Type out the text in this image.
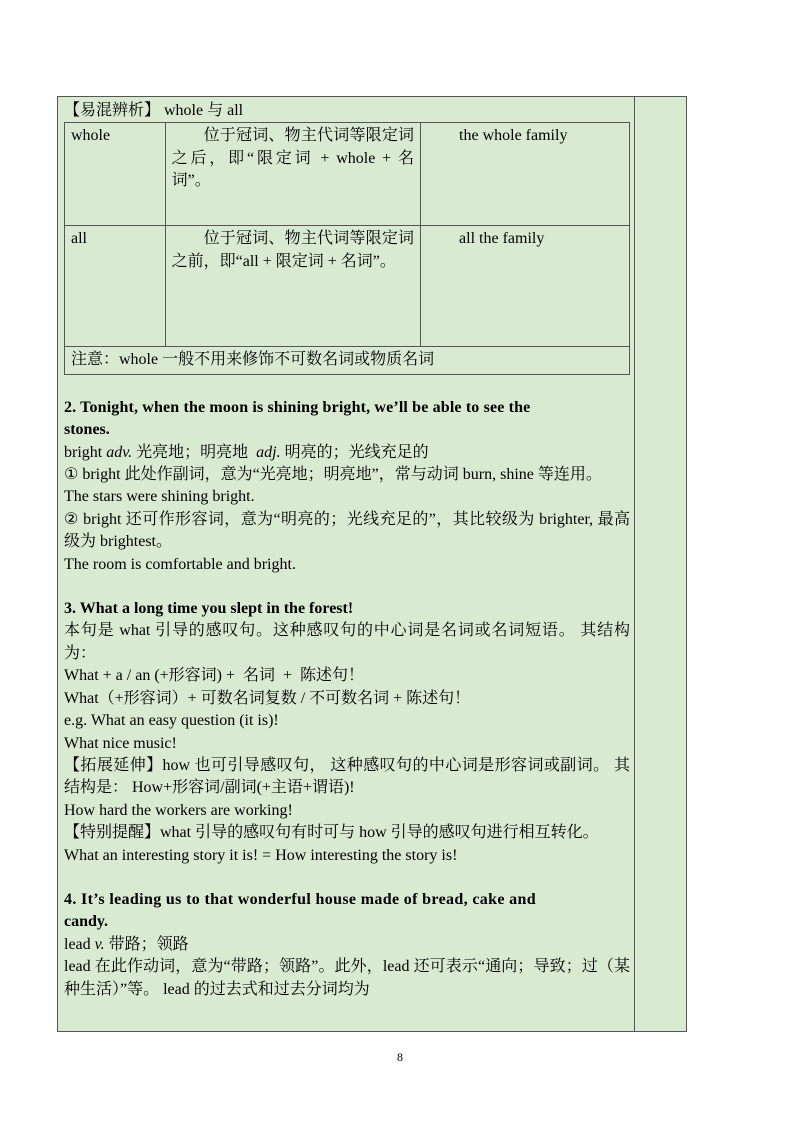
【易混辨析】 whole 与 all
whole	位于冠词、物主代词等限定词之后，即“限定词 + whole + 名词”。	the whole family
all	位于冠词、物主代词等限定词之前，即“all + 限定词 + 名词”。	all the family
注意：whole 一般不用来修饰不可数名词或物质名词		
2. Tonight, when the moon is shining bright, we’ll be able to see the
stones.
bright adv. 光亮地；明亮地  adj. 明亮的；光线充足的
① bright 此处作副词，意为“光亮地；明亮地”，常与动词 burn, shine 等连用。
The stars were shining bright.
② bright 还可作形容词，意为“明亮的；光线充足的”，其比较级为 brighter, 最高级为 brightest。
The room is comfortable and bright.
3. What a long time you slept in the forest!
本句是 what 引导的感叹句。这种感叹句的中心词是名词或名词短语。 其结构为：
What + a / an (+形容词) +  名词  +  陈述句！
What（+形容词）+ 可数名词复数 / 不可数名词 + 陈述句！
e.g. What an easy question (it is)!
What nice music!
【拓展延伸】how 也可引导感叹句， 这种感叹句的中心词是形容词或副词。 其结构是： How+形容词/副词(+主语+谓语)!
How hard the workers are working!
【特别提醒】what 引导的感叹句有时可与 how 引导的感叹句进行相互转化。
What an interesting story it is! = How interesting the story is!
4. It’s leading us to that wonderful house made of bread, cake and
candy.
lead v. 带路；领路
lead 在此作动词，意为“带路；领路”。此外，lead 还可表示“通向；导致；过（某种生活）”等。 lead 的过去式和过去分词均为
8
